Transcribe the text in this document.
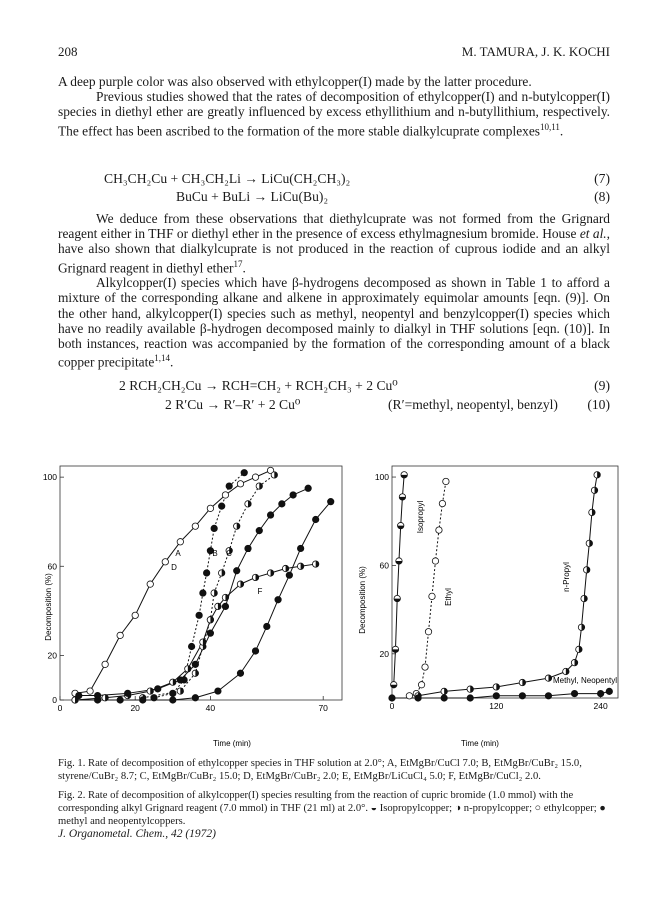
208	M. TAMURA, J. K. KOCHI

A deep purple color was also observed with ethylcopper(I) made by the latter procedure.

Previous studies showed that the rates of decomposition of ethylcopper(I) and n-butylcopper(I) species in diethyl ether are greatly influenced by excess ethyllithium and n-butyllithium, respectively. The effect has been ascribed to the formation of the more stable dialkylcuprate complexes$^{10,11}$.

CH₃CH₂Cu + CH₃CH₂Li → LiCu(CH₂CH₃)₂	(7)
BuCu + BuLi → LiCu(Bu)₂	(8)

We deduce from these observations that diethylcuprate was not formed from the Grignard reagent either in THF or diethyl ether in the presence of excess ethylmagnesium bromide. House et al., have also shown that dialkylcuprate is not produced in the reaction of cuprous iodide and an alkyl Grignard reagent in diethyl ether$^{17}$.

Alkylcopper(I) species which have β-hydrogens decomposed as shown in Table 1 to afford a mixture of the corresponding alkane and alkene in approximately equimolar amounts [eqn. (9)]. On the other hand, alkylcopper(I) species such as methyl, neopentyl and benzylcopper(I) species which have no readily available β-hydrogen decomposed mainly to dialkyl in THF solutions [eqn. (10)]. In both instances, reaction was accompanied by the formation of the corresponding amount of a black copper precipitate$^{1,14}$.

2 RCH₂CH₂Cu → RCH=CH₂ + RCH₂CH₃ + 2 Cu⁰	(9)
2 R′Cu → R′–R′ + 2 Cu⁰	(R′=methyl, neopentyl, benzyl) (10)
0	20	40	70
0
20
60
100
A	B C
D
F
Time (min)
Decomposition (%)
0	120	240
20
60
100
Isopropyl
Ethyl
n-Propyl
Methyl, Neopentyl
Time (min)
Decomposition (%)
Fig. 1. Rate of decomposition of ethylcopper species in THF solution at 2.0°; A, EtMgBr/CuCl 7.0; B, EtMgBr/CuBr₂ 15.0, styrene/CuBr₂ 8.7; C, EtMgBr/CuBr₂ 15.0; D, EtMgBr/CuBr₂ 2.0; E, EtMgBr/LiCuCl₄ 5.0; F, EtMgBr/CuCl₂ 2.0.
Fig. 2. Rate of decomposition of alkylcopper(I) species resulting from the reaction of cupric bromide (1.0 mmol) with the corresponding alkyl Grignard reagent (7.0 mmol) in THF (21 ml) at 2.0°. ◒ Isopropylcopper; ◑ n-propylcopper; ○ ethylcopper; ● methyl and neopentylcoppers.
J. Organometal. Chem., 42 (1972)
